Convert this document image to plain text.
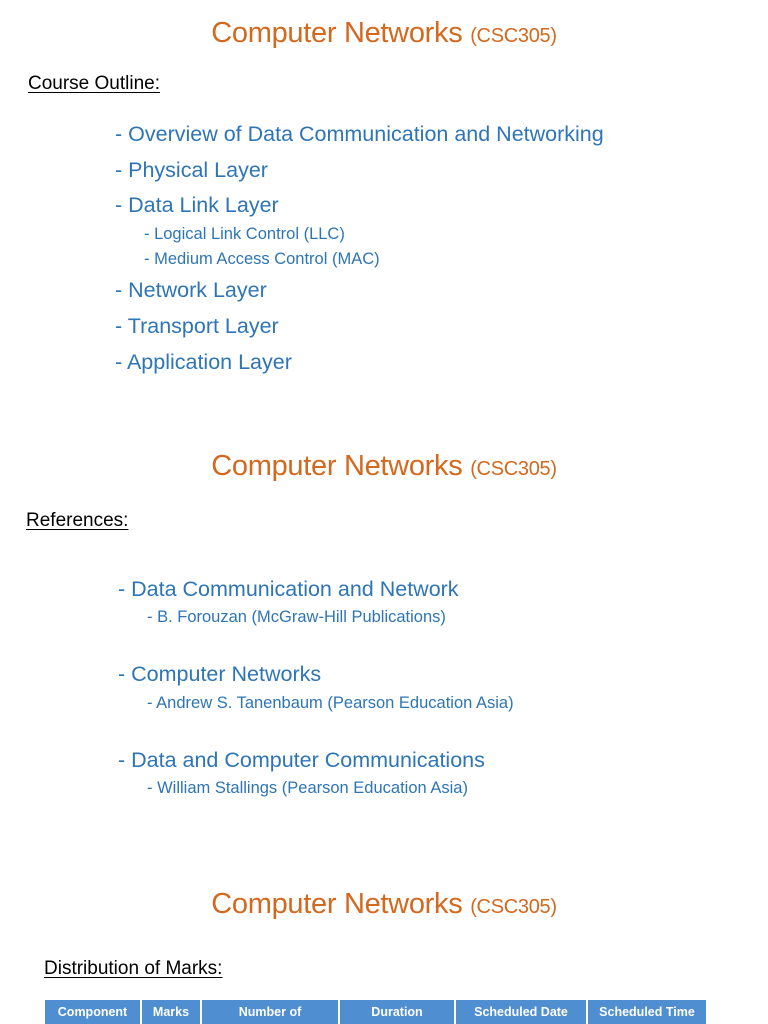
Computer Networks (CSC305)
Course Outline:
- Overview of Data Communication and Networking
- Physical Layer
- Data Link Layer
- Logical Link Control (LLC)
- Medium Access Control (MAC)
- Network Layer
- Transport Layer
- Application Layer
Computer Networks (CSC305)
References:
- Data Communication and Network
- B. Forouzan (McGraw-Hill Publications)
- Computer Networks
- Andrew S. Tanenbaum (Pearson Education Asia)
- Data and Computer Communications
- William Stallings (Pearson Education Asia)
Computer Networks (CSC305)
Distribution of Marks:
Component	Marks	Number of	Duration	Scheduled Date	Scheduled Time
